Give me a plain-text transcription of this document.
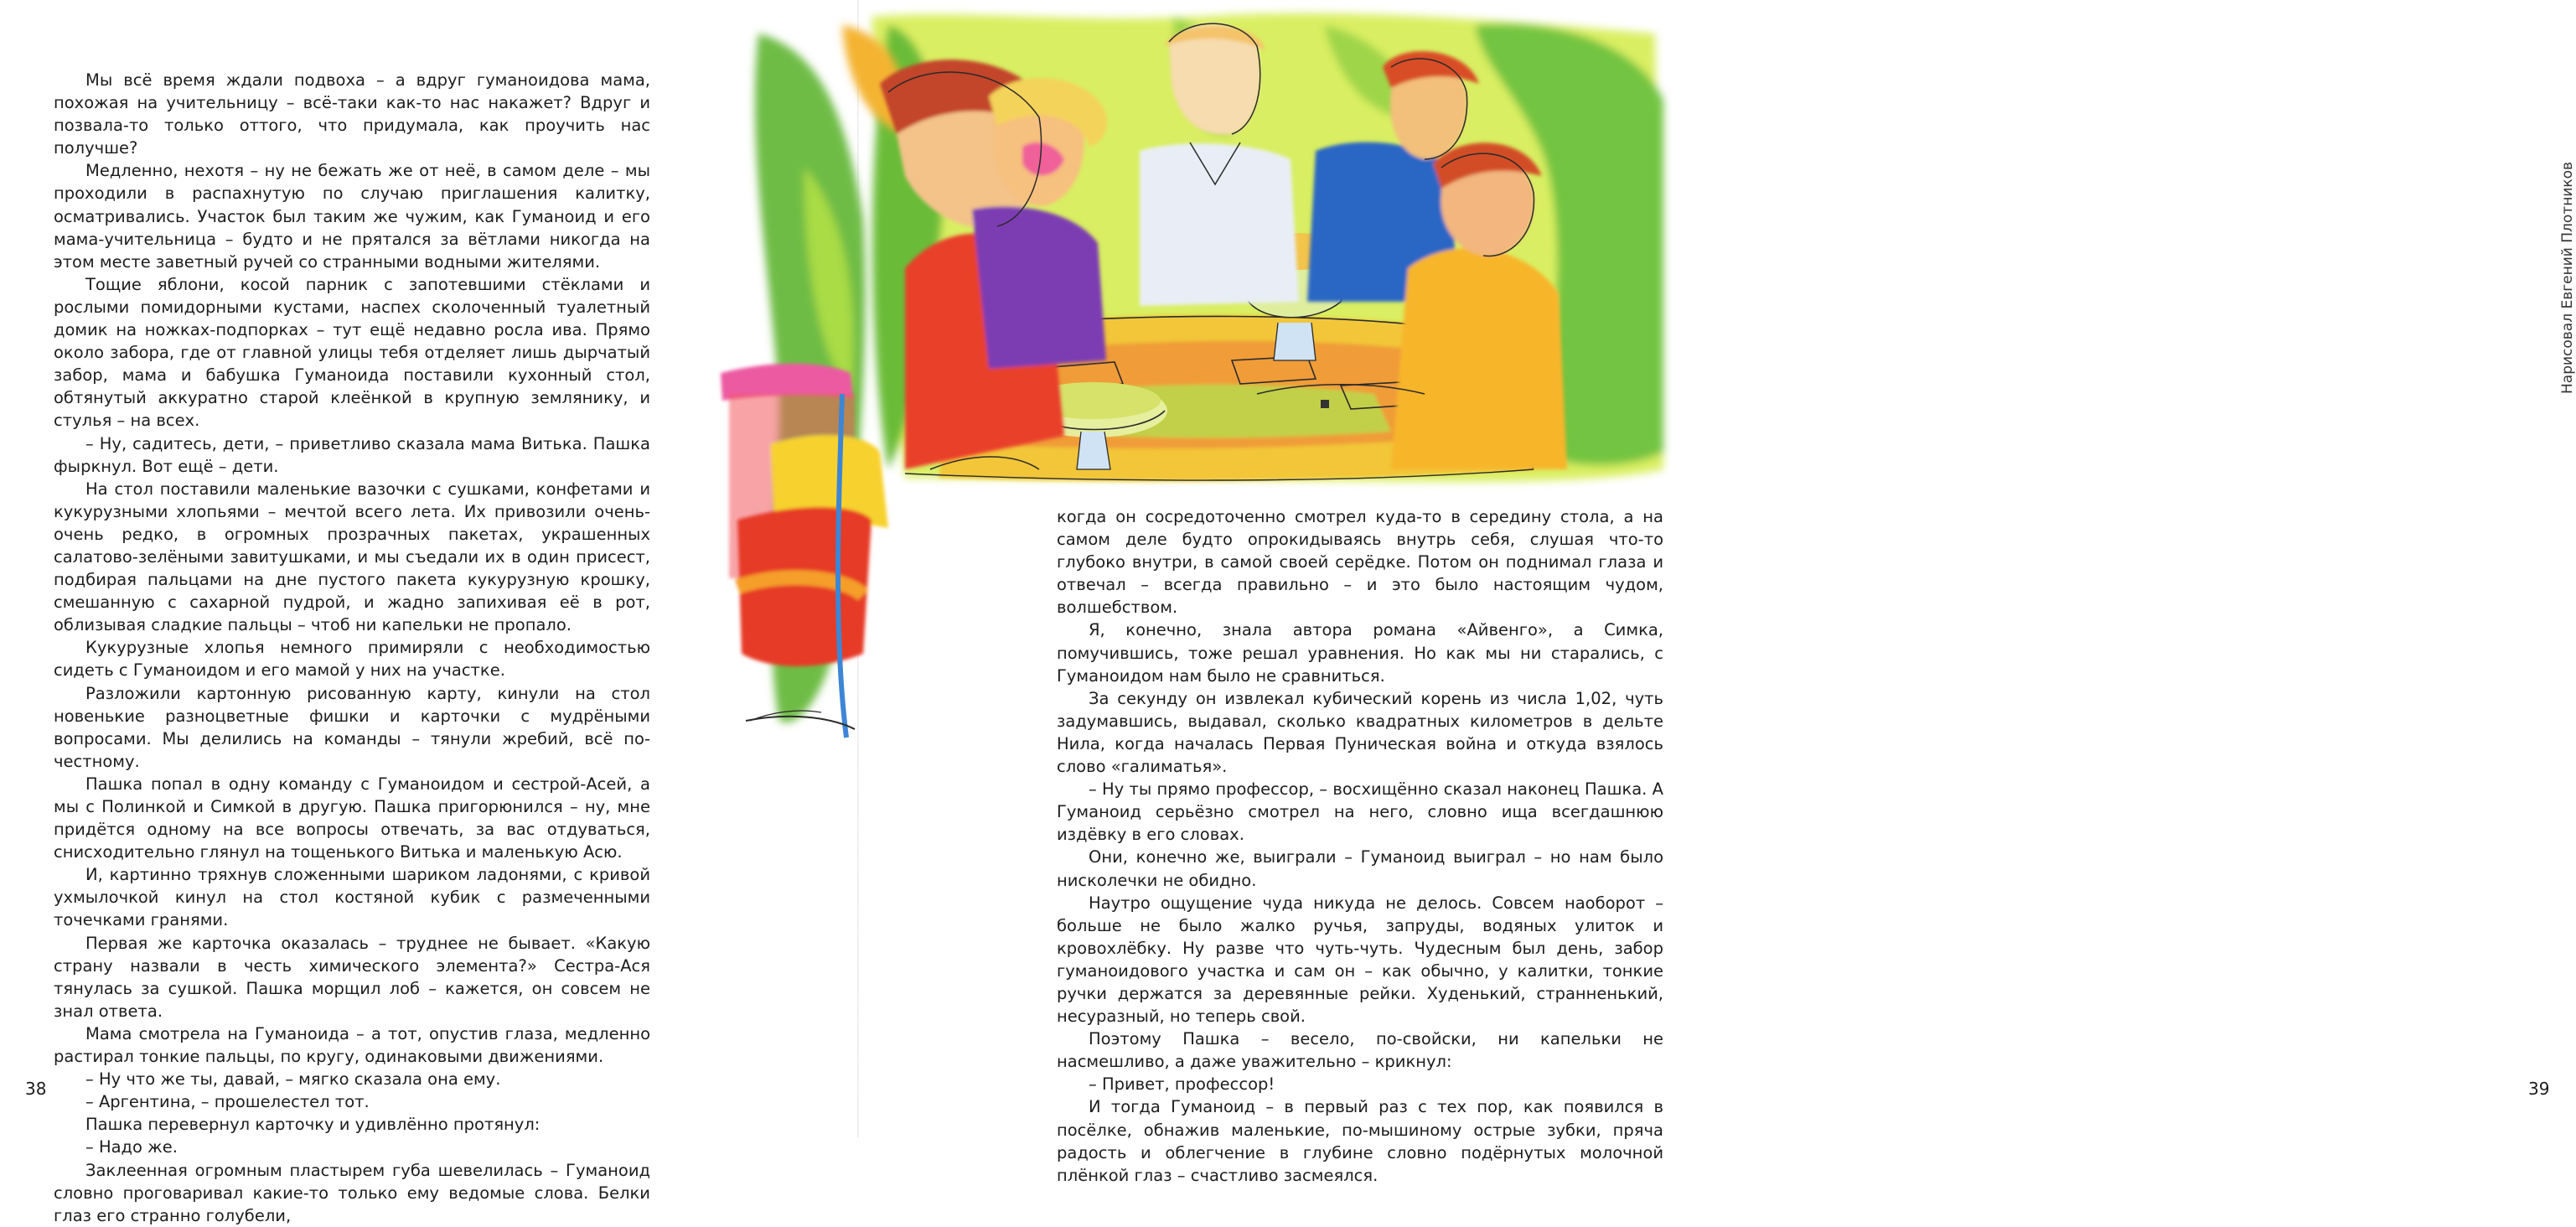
Мы всё время ждали подвоха – а вдруг гуманоидова мама, похожая на учительницу – всё-таки как-то нас накажет? Вдруг и позвала-то только оттого, что придумала, как проучить нас получше?

Медленно, нехотя – ну не бежать же от неё, в самом деле – мы проходили в распахнутую по случаю приглашения калитку, осматривались. Участок был таким же чужим, как Гуманоид и его мама-учительница – будто и не прятался за вётлами никогда на этом месте заветный ручей со странными водными жителями.

Тощие яблони, косой парник с запотевшими стёклами и рослыми помидорными кустами, наспех сколоченный туалетный домик на ножках-подпорках – тут ещё недавно росла ива. Прямо около забора, где от главной улицы тебя отделяет лишь дырчатый забор, мама и бабушка Гуманоида поставили кухонный стол, обтянутый аккуратно старой клеёнкой в крупную землянику, и стулья – на всех.

– Ну, садитесь, дети, – приветливо сказала мама Витька. Пашка фыркнул. Вот ещё – дети.

На стол поставили маленькие вазочки с сушками, конфетами и кукурузными хлопьями – мечтой всего лета. Их привозили очень-очень редко, в огромных прозрачных пакетах, украшенных салатово-зелёными завитушками, и мы съедали их в один присест, подбирая пальцами на дне пустого пакета кукурузную крошку, смешанную с сахарной пудрой, и жадно запихивая её в рот, облизывая сладкие пальцы – чтоб ни капельки не пропало.

Кукурузные хлопья немного примиряли с необходимостью сидеть с Гуманоидом и его мамой у них на участке.

Разложили картонную рисованную карту, кинули на стол новенькие разноцветные фишки и карточки с мудрёными вопросами. Мы делились на команды – тянули жребий, всё по-честному.

Пашка попал в одну команду с Гуманоидом и сестрой-Асей, а мы с Полинкой и Симкой в другую. Пашка пригорюнился – ну, мне придётся одному на все вопросы отвечать, за вас отдуваться, снисходительно глянул на тощенького Витька и маленькую Асю.

И, картинно тряхнув сложенными шариком ладонями, с кривой ухмылочкой кинул на стол костяной кубик с размеченными точечками гранями.

Первая же карточка оказалась – труднее не бывает. «Какую страну назвали в честь химического элемента?» Сестра-Ася тянулась за сушкой. Пашка морщил лоб – кажется, он совсем не знал ответа.

Мама смотрела на Гуманоида – а тот, опустив глаза, медленно растирал тонкие пальцы, по кругу, одинаковыми движениями.

– Ну что же ты, давай, – мягко сказала она ему.

– Аргентина, – прошелестел тот.

Пашка перевернул карточку и удивлённо протянул:

– Надо же.

Заклеенная огромным пластырем губа шевелилась – Гуманоид словно проговаривал какие-то только ему ведомые слова. Белки глаз его странно голубели,

38
Нарисовал Евгений Плотников
39

когда он сосредоточенно смотрел куда-то в середину стола, а на самом деле будто опрокидываясь внутрь себя, слушая что-то глубоко внутри, в самой своей серёдке. Потом он поднимал глаза и отвечал – всегда правильно – и это было настоящим чудом, волшебством.

Я, конечно, знала автора романа «Айвенго», а Симка, помучившись, тоже решал уравнения. Но как мы ни старались, с Гуманоидом нам было не сравниться.

За секунду он извлекал кубический корень из числа 1,02, чуть задумавшись, выдавал, сколько квадратных километров в дельте Нила, когда началась Первая Пуническая война и откуда взялось слово «галиматья».

– Ну ты прямо профессор, – восхищённо сказал наконец Пашка. А Гуманоид серьёзно смотрел на него, словно ища всегдашнюю издёвку в его словах.

Они, конечно же, выиграли – Гуманоид выиграл – но нам было нисколечки не обидно.

Наутро ощущение чуда никуда не делось. Совсем наоборот – больше не было жалко ручья, запруды, водяных улиток и кровохлёбку. Ну разве что чуть-чуть. Чудесным был день, забор гуманоидового участка и сам он – как обычно, у калитки, тонкие ручки держатся за деревянные рейки. Худенький, странненький, несуразный, но теперь свой.

Поэтому Пашка – весело, по-свойски, ни капельки не насмешливо, а даже уважительно – крикнул:

– Привет, профессор!

И тогда Гуманоид – в первый раз с тех пор, как появился в посёлке, обнажив маленькие, по-мышиному острые зубки, пряча радость и облегчение в глубине словно подёрнутых молочной плёнкой глаз – счастливо засмеялся.
